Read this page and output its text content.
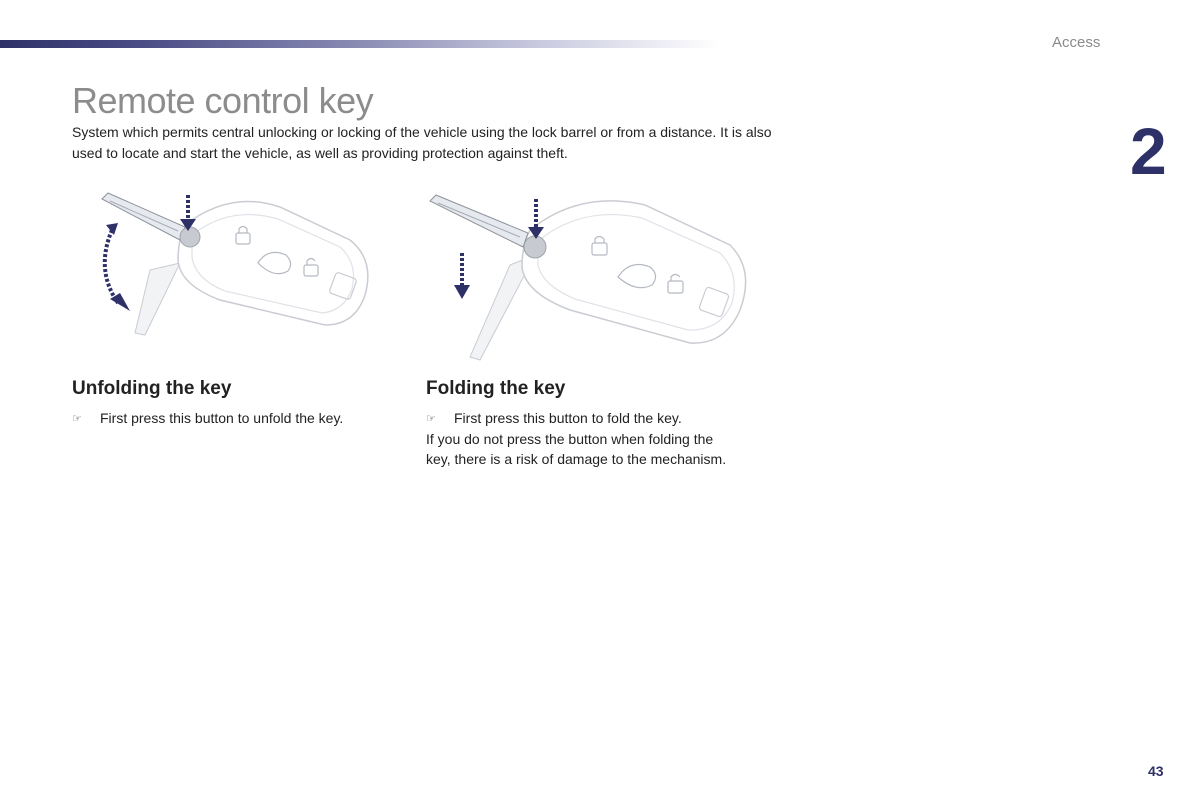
Access
2
Remote control key

System which permits central unlocking or locking of the vehicle using the lock barrel or from a distance. It is also used to locate and start the vehicle, as well as providing protection against theft.

Unfolding the key
☞	First press this button to unfold the key.
Folding the key
☞	First press this button to fold the key.

If you do not press the button when folding the key, there is a risk of damage to the mechanism.

43
